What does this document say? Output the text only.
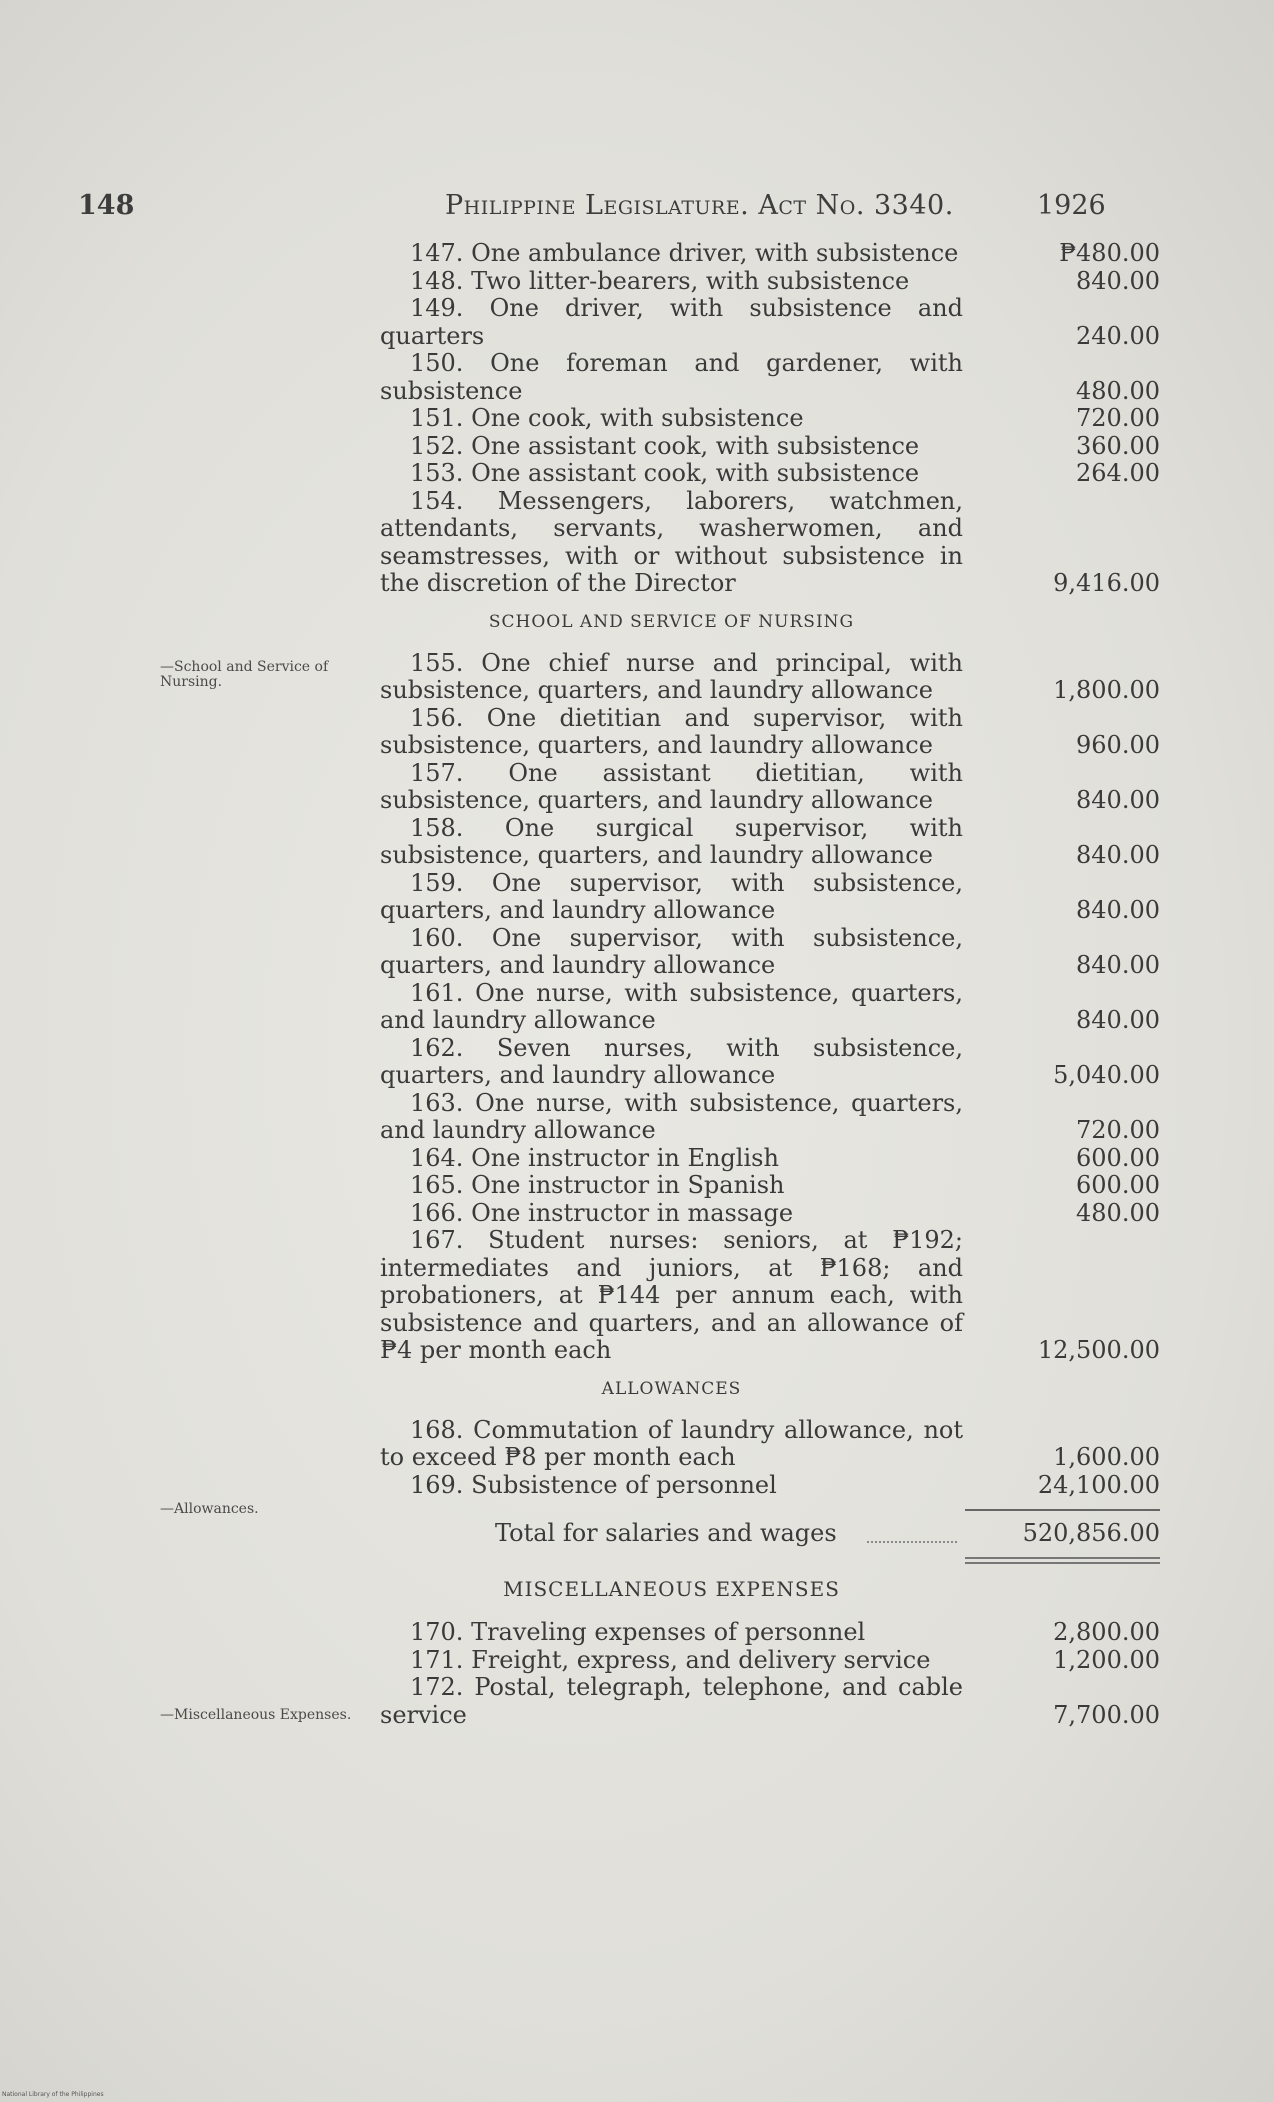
148	Philippine Legislature. Act No. 3340.	1926
—School and Service of Nursing.
—Allowances.
—Miscellaneous Expenses.
147. One ambulance driver, with subsistence	₱480.00
148. Two litter-bearers, with subsistence	840.00
149. One driver, with subsistence and quarters	240.00
150. One foreman and gardener, with subsistence	480.00
151. One cook, with subsistence	720.00
152. One assistant cook, with subsistence	360.00
153. One assistant cook, with subsistence	264.00
154. Messengers, laborers, watchmen, attendants, servants, washerwomen, and seamstresses, with or without subsistence in the discretion of the Director	9,416.00
SCHOOL AND SERVICE OF NURSING
155. One chief nurse and principal, with subsistence, quarters, and laundry allowance	1,800.00
156. One dietitian and supervisor, with subsistence, quarters, and laundry allowance	960.00
157. One assistant dietitian, with subsistence, quarters, and laundry allowance	840.00
158. One surgical supervisor, with subsistence, quarters, and laundry allowance	840.00
159. One supervisor, with subsistence, quarters, and laundry allowance	840.00
160. One supervisor, with subsistence, quarters, and laundry allowance	840.00
161. One nurse, with subsistence, quarters, and laundry allowance	840.00
162. Seven nurses, with subsistence, quarters, and laundry allowance	5,040.00
163. One nurse, with subsistence, quarters, and laundry allowance	720.00
164. One instructor in English	600.00
165. One instructor in Spanish	600.00
166. One instructor in massage	480.00
167. Student nurses: seniors, at ₱192; intermediates and juniors, at ₱168; and probationers, at ₱144 per annum each, with subsistence and quarters, and an allowance of ₱4 per month each	12,500.00
ALLOWANCES
168. Commutation of laundry allowance, not to exceed ₱8 per month each	1,600.00
169. Subsistence of personnel	24,100.00
Total for salaries and wages	520,856.00
MISCELLANEOUS EXPENSES
170. Traveling expenses of personnel	2,800.00
171. Freight, express, and delivery service	1,200.00
172. Postal, telegraph, telephone, and cable service	7,700.00
National Library of the Philippines
